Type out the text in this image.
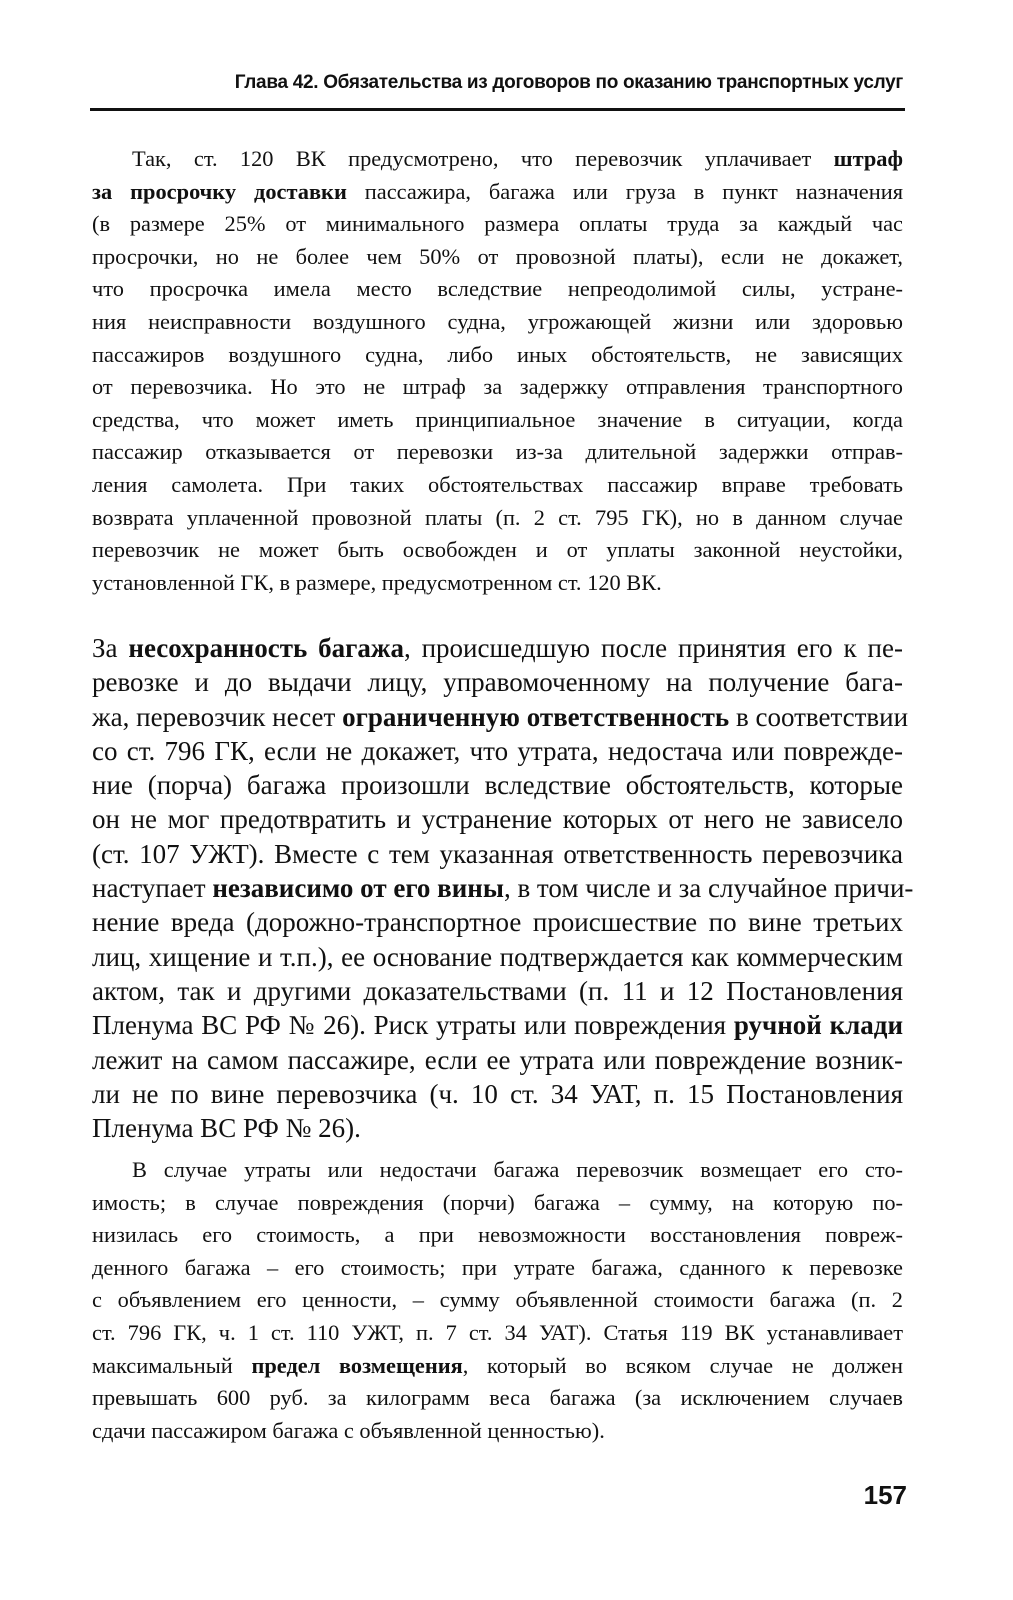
Глава 42. Обязательства из договоров по оказанию транспортных услуг
Так, ст. 120 ВК предусмотрено, что перевозчик уплачивает штраф
за просрочку доставки пассажира, багажа или груза в пункт назначения
(в размере 25% от минимального размера оплаты труда за каждый час
просрочки, но не более чем 50% от провозной платы), если не докажет,
что просрочка имела место вследствие непреодолимой силы, устране-
ния неисправности воздушного судна, угрожающей жизни или здоровью
пассажиров воздушного судна, либо иных обстоятельств, не зависящих
от перевозчика. Но это не штраф за задержку отправления транспортного
средства, что может иметь принципиальное значение в ситуации, когда
пассажир отказывается от перевозки из-за длительной задержки отправ-
ления самолета. При таких обстоятельствах пассажир вправе требовать
возврата уплаченной провозной платы (п. 2 ст. 795 ГК), но в данном случае
перевозчик не может быть освобожден и от уплаты законной неустойки,
установленной ГК, в размере, предусмотренном ст. 120 ВК.
За несохранность багажа, происшедшую после принятия его к пе-
ревозке и до выдачи лицу, управомоченному на получение бага-
жа, перевозчик несет ограниченную ответственность в соответствии
со ст. 796 ГК, если не докажет, что утрата, недостача или поврежде-
ние (порча) багажа произошли вследствие обстоятельств, которые
он не мог предотвратить и устранение которых от него не зависело
(ст. 107 УЖТ). Вместе с тем указанная ответственность перевозчика
наступает независимо от его вины, в том числе и за случайное причи-
нение вреда (дорожно-транспортное происшествие по вине третьих
лиц, хищение и т.п.), ее основание подтверждается как коммерческим
актом, так и другими доказательствами (п. 11 и 12 Постановления
Пленума ВС РФ № 26). Риск утраты или повреждения ручной клади
лежит на самом пассажире, если ее утрата или повреждение возник-
ли не по вине перевозчика (ч. 10 ст. 34 УАТ, п. 15 Постановления
Пленума ВС РФ № 26).
В случае утраты или недостачи багажа перевозчик возмещает его сто-
имость; в случае повреждения (порчи) багажа – сумму, на которую по-
низилась его стоимость, а при невозможности восстановления повреж-
денного багажа – его стоимость; при утрате багажа, сданного к перевозке
с объявлением его ценности, – сумму объявленной стоимости багажа (п. 2
ст. 796 ГК, ч. 1 ст. 110 УЖТ, п. 7 ст. 34 УАТ). Статья 119 ВК устанавливает
максимальный предел возмещения, который во всяком случае не должен
превышать 600 руб. за килограмм веса багажа (за исключением случаев
сдачи пассажиром багажа с объявленной ценностью).
157
